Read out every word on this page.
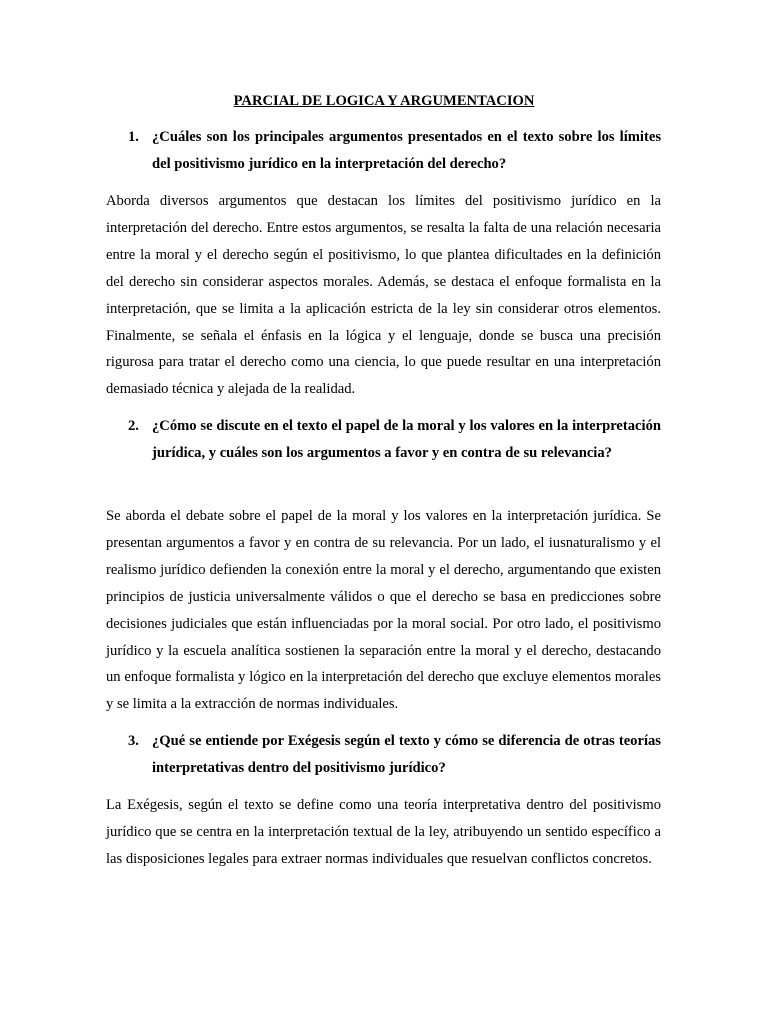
PARCIAL DE LOGICA Y ARGUMENTACION
1. ¿Cuáles son los principales argumentos presentados en el texto sobre los límites del positivismo jurídico en la interpretación del derecho?

Aborda diversos argumentos que destacan los límites del positivismo jurídico en la interpretación del derecho. Entre estos argumentos, se resalta la falta de una relación necesaria entre la moral y el derecho según el positivismo, lo que plantea dificultades en la definición del derecho sin considerar aspectos morales. Además, se destaca el enfoque formalista en la interpretación, que se limita a la aplicación estricta de la ley sin considerar otros elementos. Finalmente, se señala el énfasis en la lógica y el lenguaje, donde se busca una precisión rigurosa para tratar el derecho como una ciencia, lo que puede resultar en una interpretación demasiado técnica y alejada de la realidad.

2. ¿Cómo se discute en el texto el papel de la moral y los valores en la interpretación jurídica, y cuáles son los argumentos a favor y en contra de su relevancia?

Se aborda el debate sobre el papel de la moral y los valores en la interpretación jurídica. Se presentan argumentos a favor y en contra de su relevancia. Por un lado, el iusnaturalismo y el realismo jurídico defienden la conexión entre la moral y el derecho, argumentando que existen principios de justicia universalmente válidos o que el derecho se basa en predicciones sobre decisiones judiciales que están influenciadas por la moral social. Por otro lado, el positivismo jurídico y la escuela analítica sostienen la separación entre la moral y el derecho, destacando un enfoque formalista y lógico en la interpretación del derecho que excluye elementos morales y se limita a la extracción de normas individuales.

3. ¿Qué se entiende por Exégesis según el texto y cómo se diferencia de otras teorías interpretativas dentro del positivismo jurídico?

La Exégesis, según el texto se define como una teoría interpretativa dentro del positivismo jurídico que se centra en la interpretación textual de la ley, atribuyendo un sentido específico a las disposiciones legales para extraer normas individuales que resuelvan conflictos concretos.
